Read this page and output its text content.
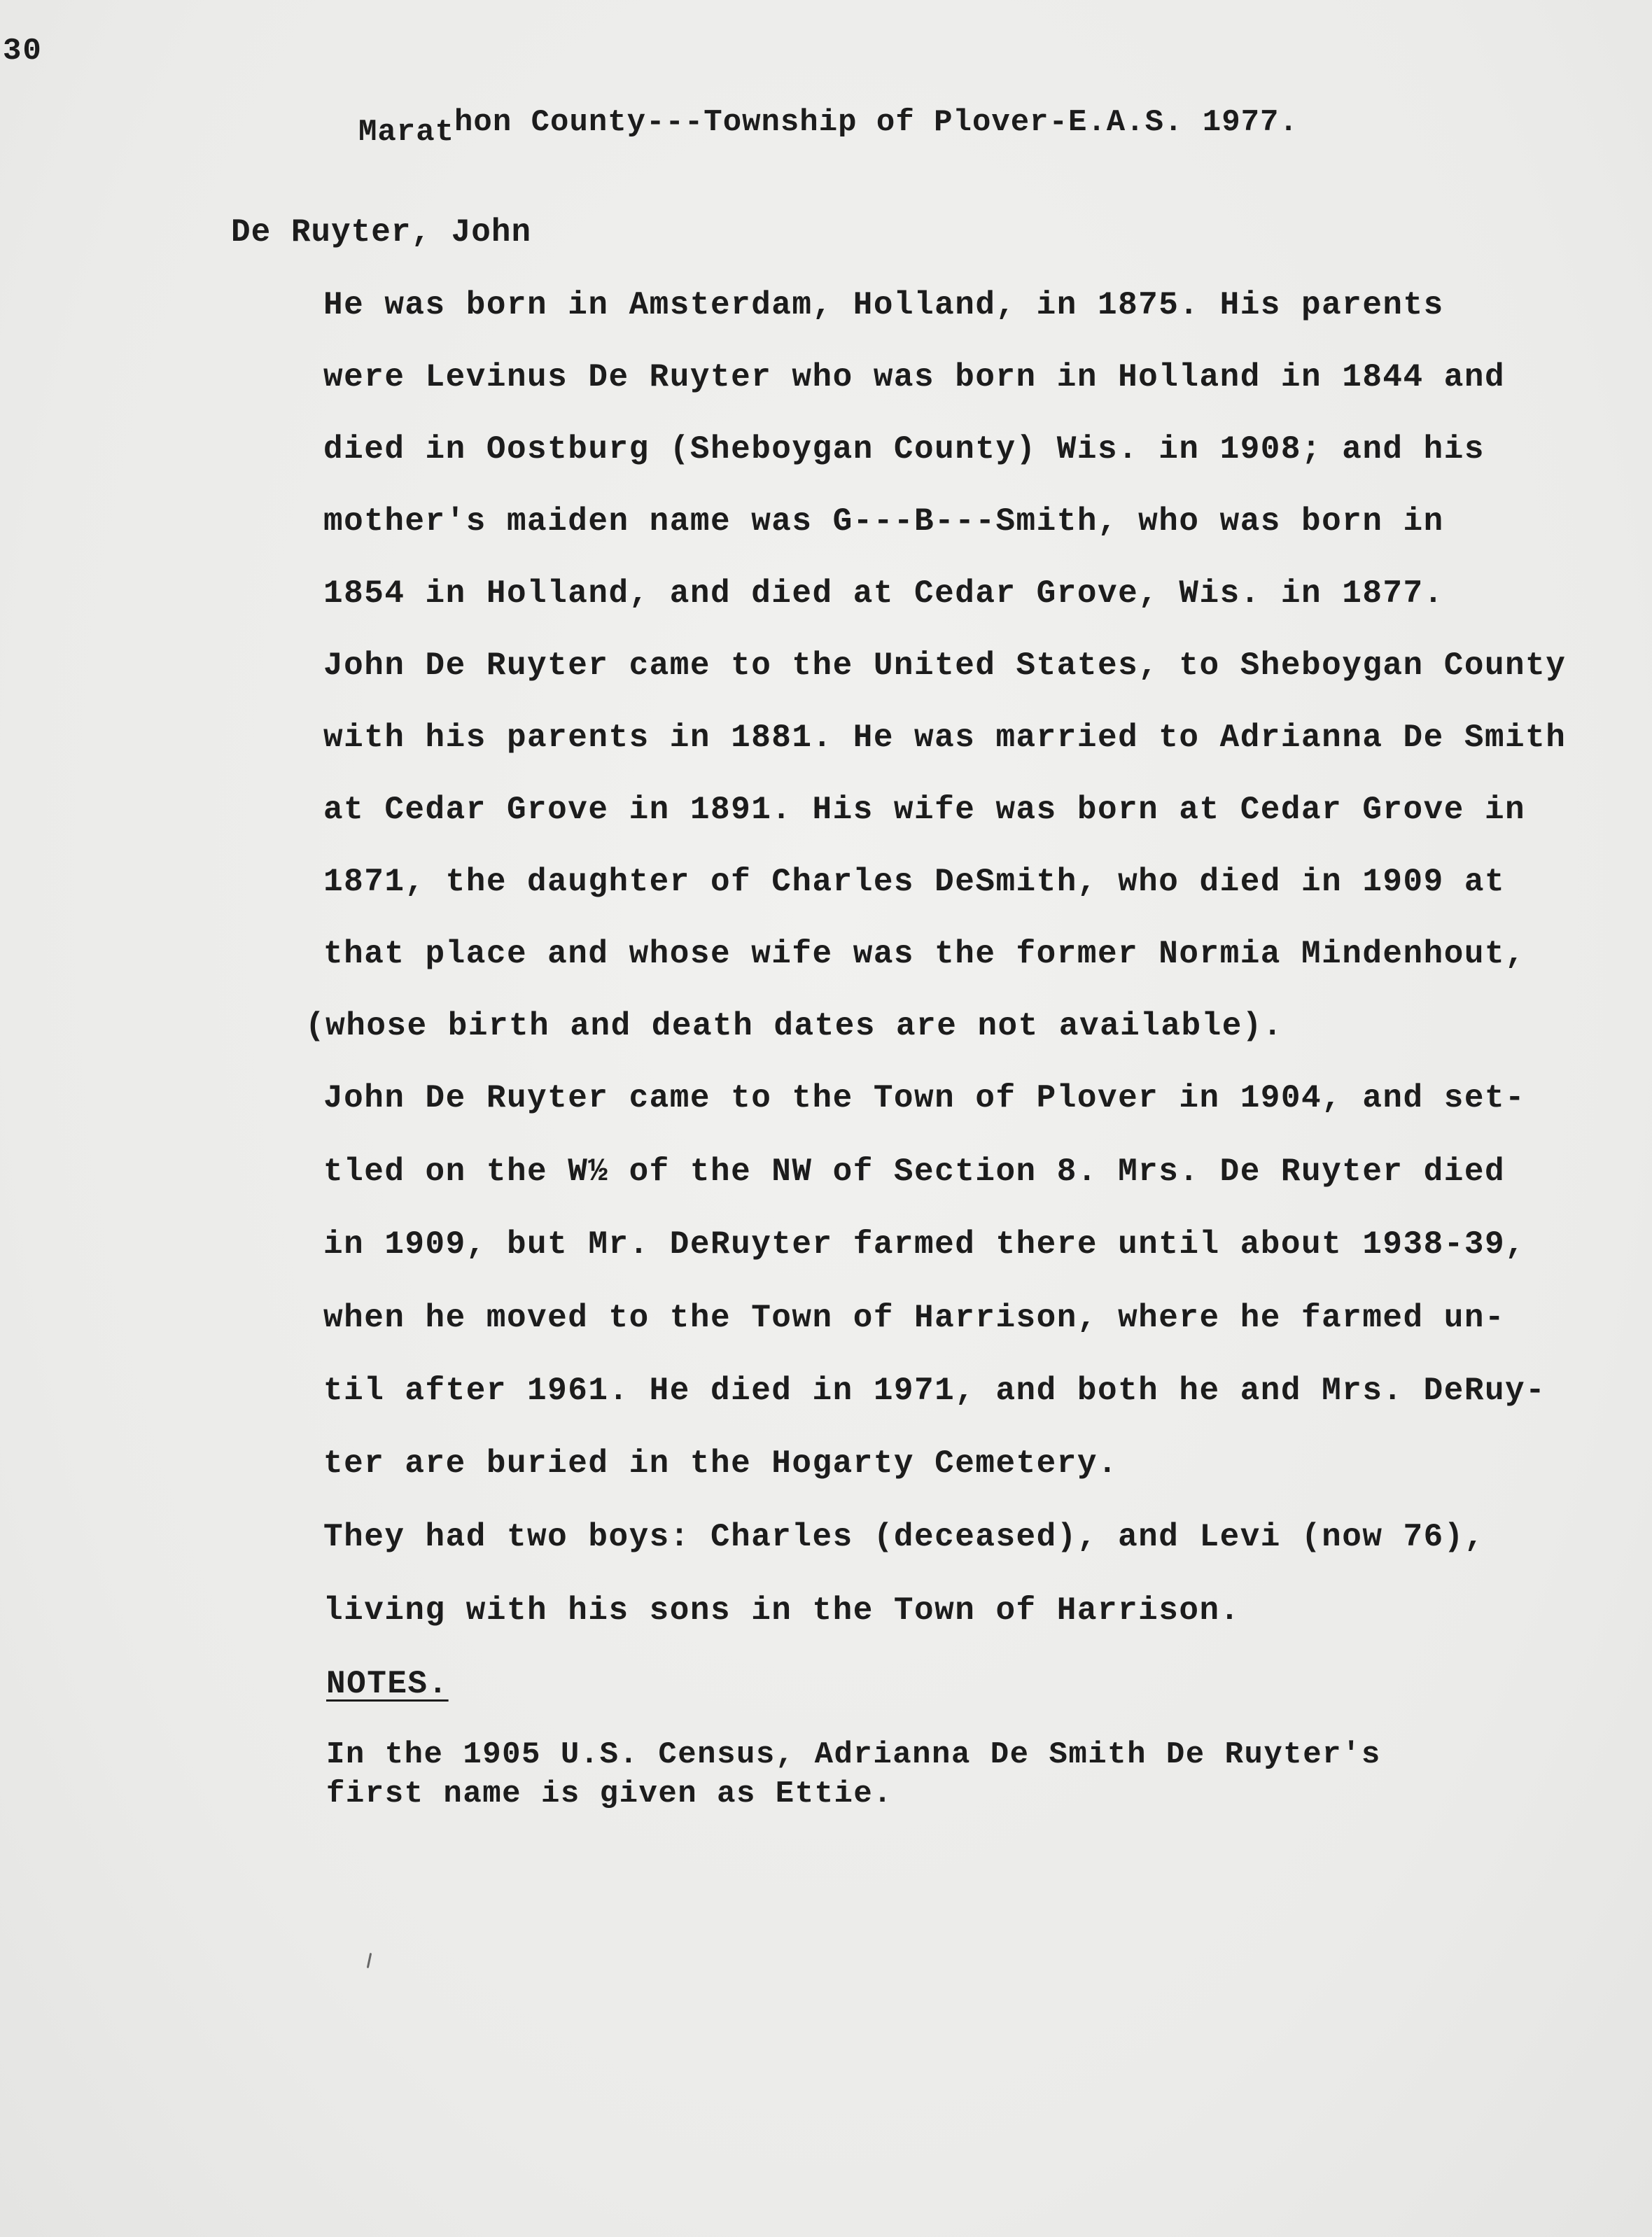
30
Marathon County---Township of Plover-E.A.S. 1977.
De Ruyter, John
He was born in Amsterdam, Holland, in 1875. His parents
were Levinus De Ruyter who was born in Holland in 1844 and
died in Oostburg (Sheboygan County) Wis. in 1908; and his
mother's maiden name was G---B---Smith, who was born in
1854 in Holland, and died at Cedar Grove, Wis. in 1877.
John De Ruyter came to the United States, to Sheboygan County
with his parents in 1881. He was married to Adrianna De Smith
at Cedar Grove in 1891. His wife was born at Cedar Grove in
1871, the daughter of Charles DeSmith, who died in 1909 at
that place and whose wife was the former Normia Mindenhout,
(whose birth and death dates are not available).
John De Ruyter came to the Town of Plover in 1904, and set-
tled on the W½ of the NW of Section 8. Mrs. De Ruyter died
in 1909, but Mr. DeRuyter farmed there until about 1938-39,
when he moved to the Town of Harrison, where he farmed un-
til after 1961. He died in 1971, and both he and Mrs. DeRuy-
ter are buried in the Hogarty Cemetery.
They had two boys: Charles (deceased), and Levi (now 76),
living with his sons in the Town of Harrison.
NOTES.
In the 1905 U.S. Census, Adrianna De Smith De Ruyter's
first name is given as Ettie.
